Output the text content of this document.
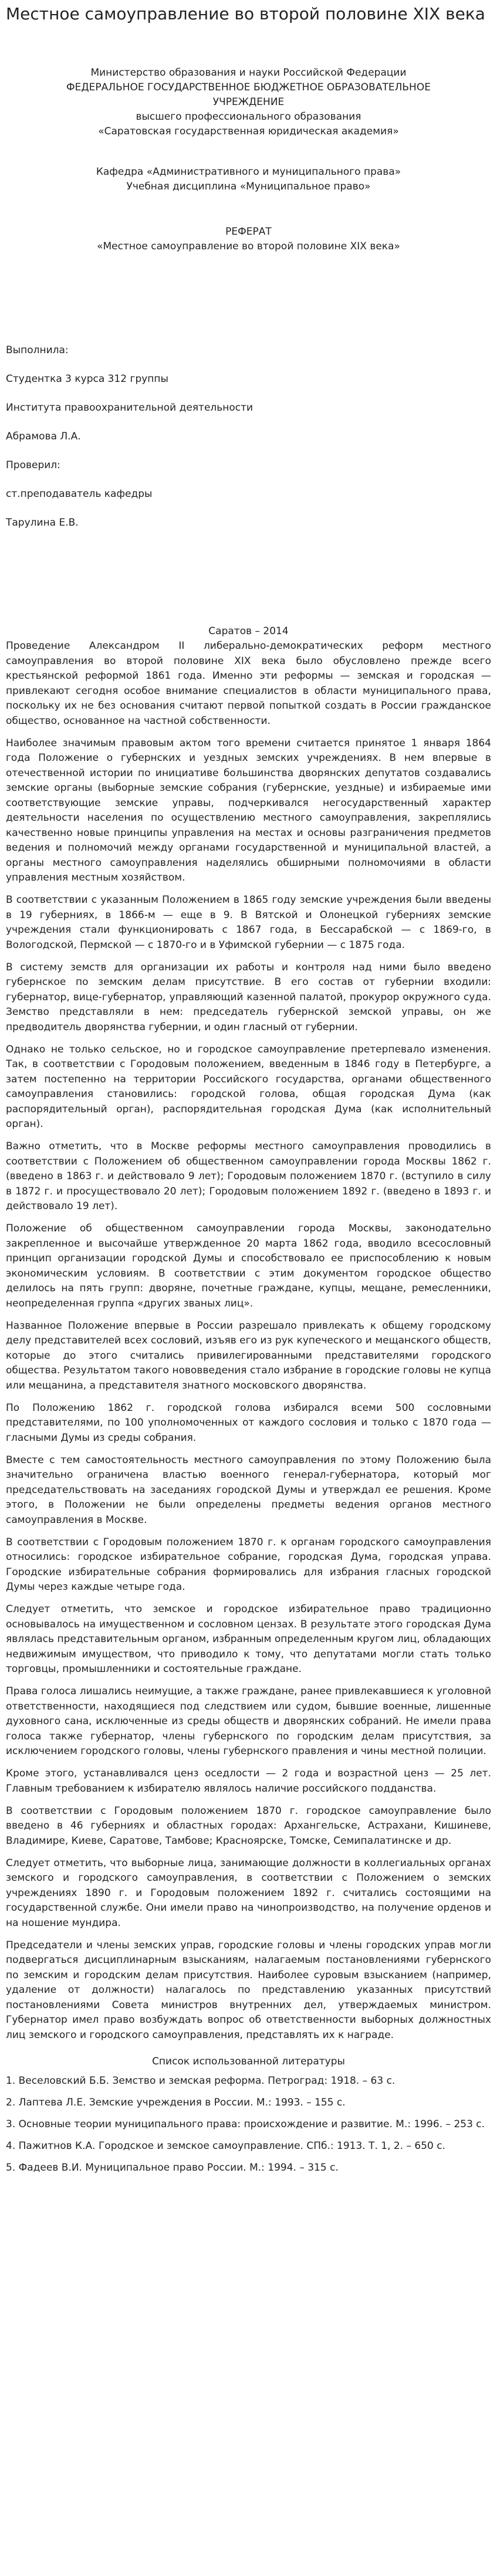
Местное самоуправление во второй половине XIX века
Министерство образования и науки Российской Федерации
ФЕДЕРАЛЬНОЕ ГОСУДАРСТВЕННОЕ БЮДЖЕТНОЕ ОБРАЗОВАТЕЛЬНОЕ
УЧРЕЖДЕНИЕ
высшего профессионального образования
«Саратовская государственная юридическая академия»
Кафедра «Административного и муниципального права»
Учебная дисциплина «Муниципальное право»
РЕФЕРАТ
«Местное самоуправление во второй половине XIX века»
Выполнила:
Студентка 3 курса 312 группы
Института правоохранительной деятельности
Абрамова Л.А.
Проверил:
ст.преподаватель кафедры
Тарулина Е.В.
Саратов – 2014

Проведение Александром II либерально-демократических реформ местного самоуправления во второй половине XIX века было обусловлено прежде всего крестьянской реформой 1861 года. Именно эти реформы — земская и городская — привлекают сегодня особое внимание специалистов в области муниципального права, поскольку их не без основания считают первой попыткой создать в России гражданское общество, основанное на частной собственности.

Наиболее значимым правовым актом того времени считается принятое 1 января 1864 года Положение о губернских и уездных земских учреждениях. В нем впервые в отечественной истории по инициативе большинства дворянских депутатов создавались земские органы (выборные земские собрания (губернские, уездные) и избираемые ими соответствующие земские управы, подчеркивался негосударственный характер деятельности населения по осуществлению местного самоуправления, закреплялись качественно новые принципы управления на местах и основы разграничения предметов ведения и полномочий между органами государственной и муниципальной властей, а органы местного самоуправления наделялись обширными полномочиями в области управления местным хозяйством.

В соответствии с указанным Положением в 1865 году земские учреждения были введены в 19 губерниях, в 1866-м — еще в 9. В Вятской и Олонецкой губерниях земские учреждения стали функционировать с 1867 года, в Бессарабской — с 1869-го, в Вологодской, Пермской — с 1870-го и в Уфимской губернии — с 1875 года.

В систему земств для организации их работы и контроля над ними было введено губернское по земским делам присутствие. В его состав от губернии входили: губернатор, вице-губернатор, управляющий казенной палатой, прокурор окружного суда. Земство представляли в нем: председатель губернской земской управы, он же предводитель дворянства губернии, и один гласный от губернии.

Однако не только сельское, но и городское самоуправление претерпевало изменения. Так, в соответствии с Городовым положением, введенным в 1846 году в Петербурге, а затем постепенно на территории Российского государства, органами общественного самоуправления становились: городской голова, общая городская Дума (как распорядительный орган), распорядительная городская Дума (как исполнительный орган).

Важно отметить, что в Москве реформы местного самоуправления проводились в соответствии с Положением об общественном самоуправлении города Москвы 1862 г. (введено в 1863 г. и действовало 9 лет); Городовым положением 1870 г. (вступило в силу в 1872 г. и просуществовало 20 лет); Городовым положением 1892 г. (введено в 1893 г. и действовало 19 лет).

Положение об общественном самоуправлении города Москвы, законодательно закрепленное и высочайше утвержденное 20 марта 1862 года, вводило всесословный принцип организации городской Думы и способствовало ее приспособлению к новым экономическим условиям. В соответствии с этим документом городское общество делилось на пять групп: дворяне, почетные граждане, купцы, мещане, ремесленники, неопределенная группа «других званых лиц».

Названное Положение впервые в России разрешало привлекать к общему городскому делу представителей всех сословий, изъяв его из рук купеческого и мещанского обществ, которые до этого считались привилегированными представителями городского общества. Результатом такого нововведения стало избрание в городские головы не купца или мещанина, а представителя знатного московского дворянства.

По Положению 1862 г. городской голова избирался всеми 500 сословными представителями, по 100 уполномоченных от каждого сословия и только с 1870 года — гласными Думы из среды собрания.

Вместе с тем самостоятельность местного самоуправления по этому Положению была значительно ограничена властью военного генерал-губернатора, который мог председательствовать на заседаниях городской Думы и утверждал ее решения. Кроме этого, в Положении не были определены предметы ведения органов местного самоуправления в Москве.

В соответствии с Городовым положением 1870 г. к органам городского самоуправления относились: городское избирательное собрание, городская Дума, городская управа. Городские избирательные собрания формировались для избрания гласных городской Думы через каждые четыре года.

Следует отметить, что земское и городское избирательное право традиционно основывалось на имущественном и сословном цензах. В результате этого городская Дума являлась представительным органом, избранным определенным кругом лиц, обладающих недвижимым имуществом, что приводило к тому, что депутатами могли стать только торговцы, промышленники и состоятельные граждане.

Права голоса лишались неимущие, а также граждане, ранее привлекавшиеся к уголовной ответственности, находящиеся под следствием или судом, бывшие военные, лишенные духовного сана, исключенные из среды обществ и дворянских собраний. Не имели права голоса также губернатор, члены губернского по городским делам присутствия, за исключением городского головы, члены губернского правления и чины местной полиции.

Кроме этого, устанавливался ценз оседлости — 2 года и возрастной ценз — 25 лет. Главным требованием к избирателю являлось наличие российского подданства.

В соответствии с Городовым положением 1870 г. городское самоуправление было введено в 46 губерниях и областных городах: Архангельске, Астрахани, Кишиневе, Владимире, Киеве, Саратове, Тамбове; Красноярске, Томске, Семипалатинске и др.

Следует отметить, что выборные лица, занимающие должности в коллегиальных органах земского и городского самоуправления, в соответствии с Положением о земских учреждениях 1890 г. и Городовым положением 1892 г. считались состоящими на государственной службе. Они имели право на чинопроизводство, на получение орденов и на ношение мундира.

Председатели и члены земских управ, городские головы и члены городских управ могли подвергаться дисциплинарным взысканиям, налагаемым постановлениями губернского по земским и городским делам присутствия. Наиболее суровым взысканием (например, удаление от должности) налагалось по представлению указанных присутствий постановлениями Совета министров внутренних дел, утверждаемых министром. Губернатор имел право возбуждать вопрос об ответственности выборных должностных лиц земского и городского самоуправления, представлять их к награде.

Список использованной литературы
1. Веселовский Б.Б. Земство и земская реформа. Петроград: 1918. – 63 с.
2. Лаптева Л.Е. Земские учреждения в России. М.: 1993. – 155 с.
3. Основные теории муниципального права: происхождение и развитие. М.: 1996. – 253 с.
4. Пажитнов К.А. Городское и земское самоуправление. СПб.: 1913. Т. 1, 2. – 650 с.
5. Фадеев В.И. Муниципальное право России. М.: 1994. – 315 с.
